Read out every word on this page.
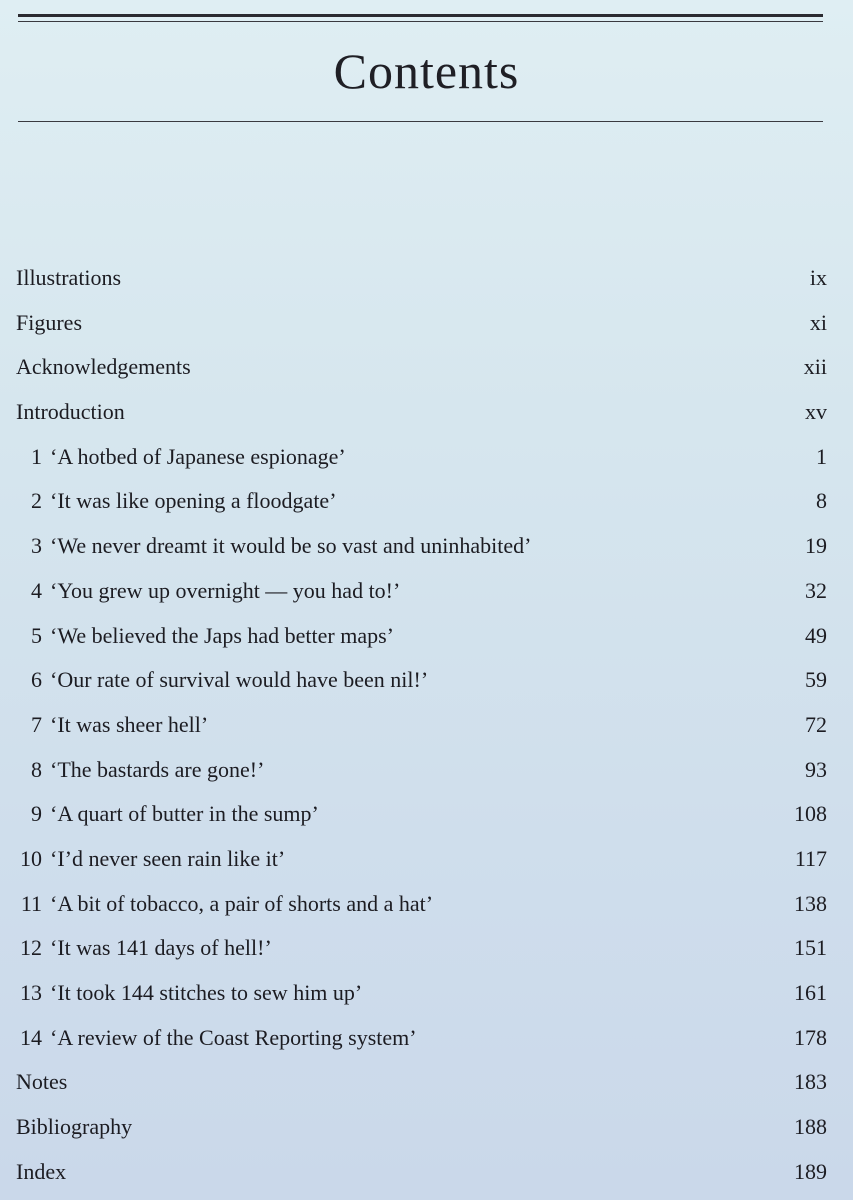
Contents
Illustrations	ix
Figures	xi
Acknowledgements	xii
Introduction	xv
1 ‘A hotbed of Japanese espionage’	1
2 ‘It was like opening a floodgate’	8
3 ‘We never dreamt it would be so vast and uninhabited’	19
4 ‘You grew up overnight — you had to!’	32
5 ‘We believed the Japs had better maps’	49
6 ‘Our rate of survival would have been nil!’	59
7 ‘It was sheer hell’	72
8 ‘The bastards are gone!’	93
9 ‘A quart of butter in the sump’	108
10 ‘I’d never seen rain like it’	117
11 ‘A bit of tobacco, a pair of shorts and a hat’	138
12 ‘It was 141 days of hell!’	151
13 ‘It took 144 stitches to sew him up’	161
14 ‘A review of the Coast Reporting system’	178
Notes	183
Bibliography	188
Index	189
